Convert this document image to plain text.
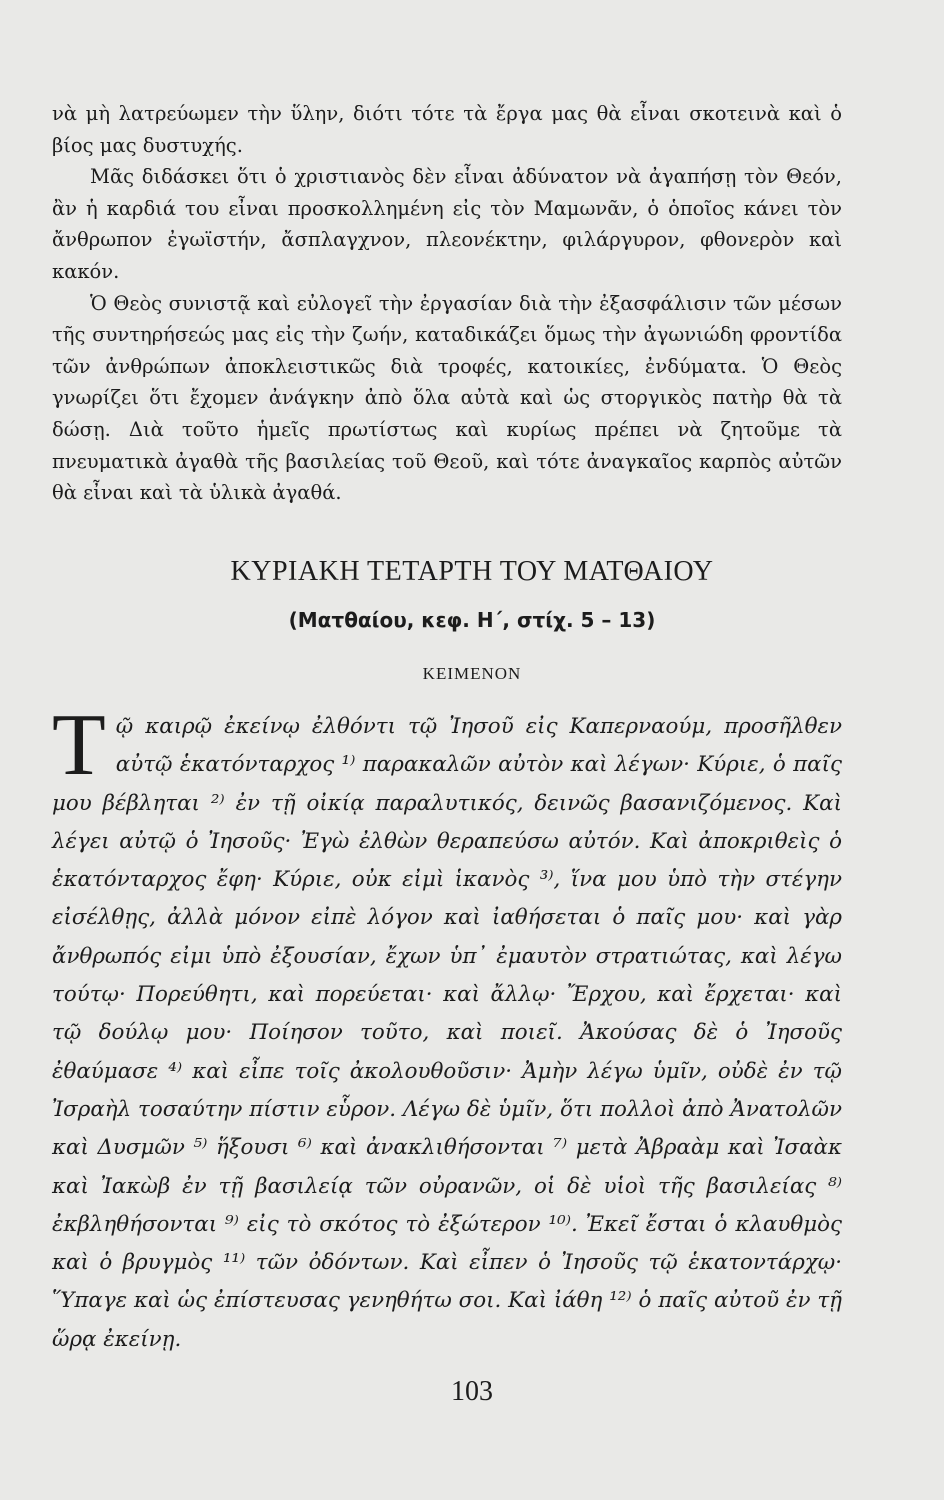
νὰ μὴ λατρεύωμεν τὴν ὕλην, διότι τότε τὰ ἔργα μας θὰ εἶναι σκοτεινὰ καὶ ὁ βίος μας δυστυχής.

Μᾶς διδάσκει ὅτι ὁ χριστιανὸς δὲν εἶναι ἀδύνατον νὰ ἀγαπήσῃ τὸν Θεόν, ἂν ἡ καρδιά του εἶναι προσκολλημένη εἰς τὸν Μαμωνᾶν, ὁ ὁποῖος κάνει τὸν ἄνθρωπον ἐγωϊστήν, ἄσπλαγχνον, πλεονέκτην, φιλάργυρον, φθονερὸν καὶ κακόν.

Ὁ Θεὸς συνιστᾷ καὶ εὐλογεῖ τὴν ἐργασίαν διὰ τὴν ἐξασφάλισιν τῶν μέσων τῆς συντηρήσεώς μας εἰς τὴν ζωήν, καταδικάζει ὅμως τὴν ἀγωνιώδη φροντίδα τῶν ἀνθρώπων ἀποκλειστικῶς διὰ τροφές, κατοικίες, ἐνδύματα. Ὁ Θεὸς γνωρίζει ὅτι ἔχομεν ἀνάγκην ἀπὸ ὅλα αὐτὰ καὶ ὡς στοργικὸς πατὴρ θὰ τὰ δώσῃ. Διὰ τοῦτο ἡμεῖς πρωτίστως καὶ κυρίως πρέπει νὰ ζητοῦμε τὰ πνευματικὰ ἀγαθὰ τῆς βασιλείας τοῦ Θεοῦ, καὶ τότε ἀναγκαῖος καρπὸς αὐτῶν θὰ εἶναι καὶ τὰ ὑλικὰ ἀγαθά.

ΚΥΡΙΑΚΗ ΤΕΤΑΡΤΗ ΤΟΥ ΜΑΤΘΑΙΟΥ
(Ματθαίου, κεφ. Η΄, στίχ. 5 – 13)
ΚΕΙΜΕΝΟΝ

Τῷ καιρῷ ἐκείνῳ ἐλθόντι τῷ Ἰησοῦ εἰς Καπερναούμ, προσῆλθεν αὐτῷ ἑκατόνταρχος ¹⁾ παρακαλῶν αὐτὸν καὶ λέγων· Κύριε, ὁ παῖς μου βέβληται ²⁾ ἐν τῇ οἰκίᾳ παραλυτικός, δεινῶς βασανιζόμενος. Καὶ λέγει αὐτῷ ὁ Ἰησοῦς· Ἐγὼ ἐλθὼν θεραπεύσω αὐτόν. Καὶ ἀποκριθεὶς ὁ ἑκατόνταρχος ἔφη· Κύριε, οὐκ εἰμὶ ἱκανὸς ³⁾, ἵνα μου ὑπὸ τὴν στέγην εἰσέλθῃς, ἀλλὰ μόνον εἰπὲ λόγον καὶ ἰαθήσεται ὁ παῖς μου· καὶ γὰρ ἄνθρωπός εἰμι ὑπὸ ἐξουσίαν, ἔχων ὑπ᾿ ἐμαυτὸν στρατιώτας, καὶ λέγω τούτῳ· Πορεύθητι, καὶ πορεύεται· καὶ ἄλλῳ· Ἔρχου, καὶ ἔρχεται· καὶ τῷ δούλῳ μου· Ποίησον τοῦτο, καὶ ποιεῖ. Ἀκούσας δὲ ὁ Ἰησοῦς ἐθαύμασε ⁴⁾ καὶ εἶπε τοῖς ἀκολουθοῦσιν· Ἀμὴν λέγω ὑμῖν, οὐδὲ ἐν τῷ Ἰσραὴλ τοσαύτην πίστιν εὗρον. Λέγω δὲ ὑμῖν, ὅτι πολλοὶ ἀπὸ Ἀνατολῶν καὶ Δυσμῶν ⁵⁾ ἥξουσι ⁶⁾ καὶ ἀνακλιθήσονται ⁷⁾ μετὰ Ἀβραὰμ καὶ Ἰσαὰκ καὶ Ἰακὼβ ἐν τῇ βασιλείᾳ τῶν οὐρανῶν, οἱ δὲ υἱοὶ τῆς βασιλείας ⁸⁾ ἐκβληθήσονται ⁹⁾ εἰς τὸ σκότος τὸ ἐξώτερον ¹⁰⁾. Ἐκεῖ ἔσται ὁ κλαυθμὸς καὶ ὁ βρυγμὸς ¹¹⁾ τῶν ὀδόντων. Καὶ εἶπεν ὁ Ἰησοῦς τῷ ἑκατοντάρχῳ· Ὕπαγε καὶ ὡς ἐπίστευσας γενηθήτω σοι. Καὶ ἰάθη ¹²⁾ ὁ παῖς αὐτοῦ ἐν τῇ ὥρᾳ ἐκείνῃ.

103
